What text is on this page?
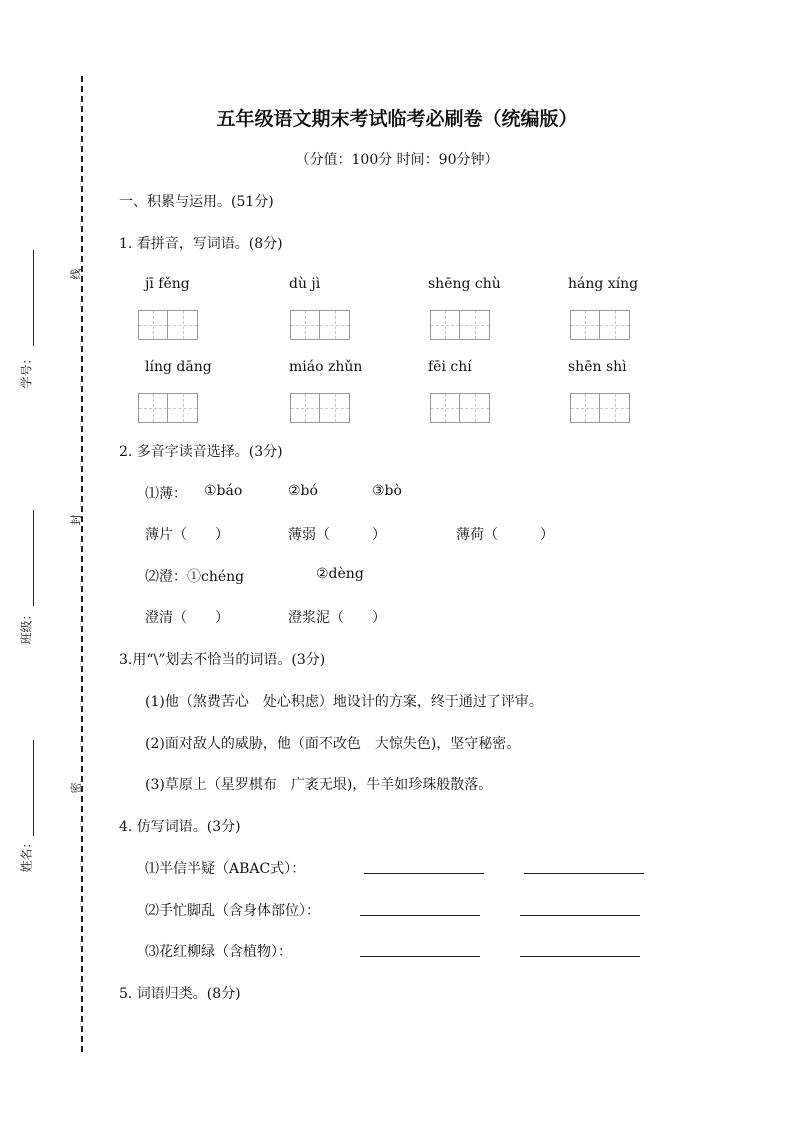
学号：
班级：
姓名：
线
封
密
五年级语文期末考试临考必刷卷（统编版）
（分值：100分 时间：90分钟）
一、积累与运用。(51分)
1. 看拼音，写词语。(8分)
jī fěng	dù jì	shēng chù	háng xíng
líng dāng	miáo zhǔn	fēi chí	shēn shì
2. 多音字读音选择。(3分)
⑴薄： ①báo	②bó	③bò
薄片（　　）	薄弱（　　　）	薄荷（　　　）
⑵澄：①chéng	②dèng
澄清（　　）	澄浆泥（　　）
3.用“\”划去不恰当的词语。(3分)
(1)他（煞费苦心　处心积虑）地设计的方案，终于通过了评审。
(2)面对敌人的威胁，他（面不改色　大惊失色)，坚守秘密。
(3)草原上（星罗棋布　广袤无垠)，牛羊如珍珠般散落。
4. 仿写词语。(3分)
⑴半信半疑（ABAC式）：
⑵手忙脚乱（含身体部位）：
⑶花红柳绿（含植物）：
5. 词语归类。(8分)
